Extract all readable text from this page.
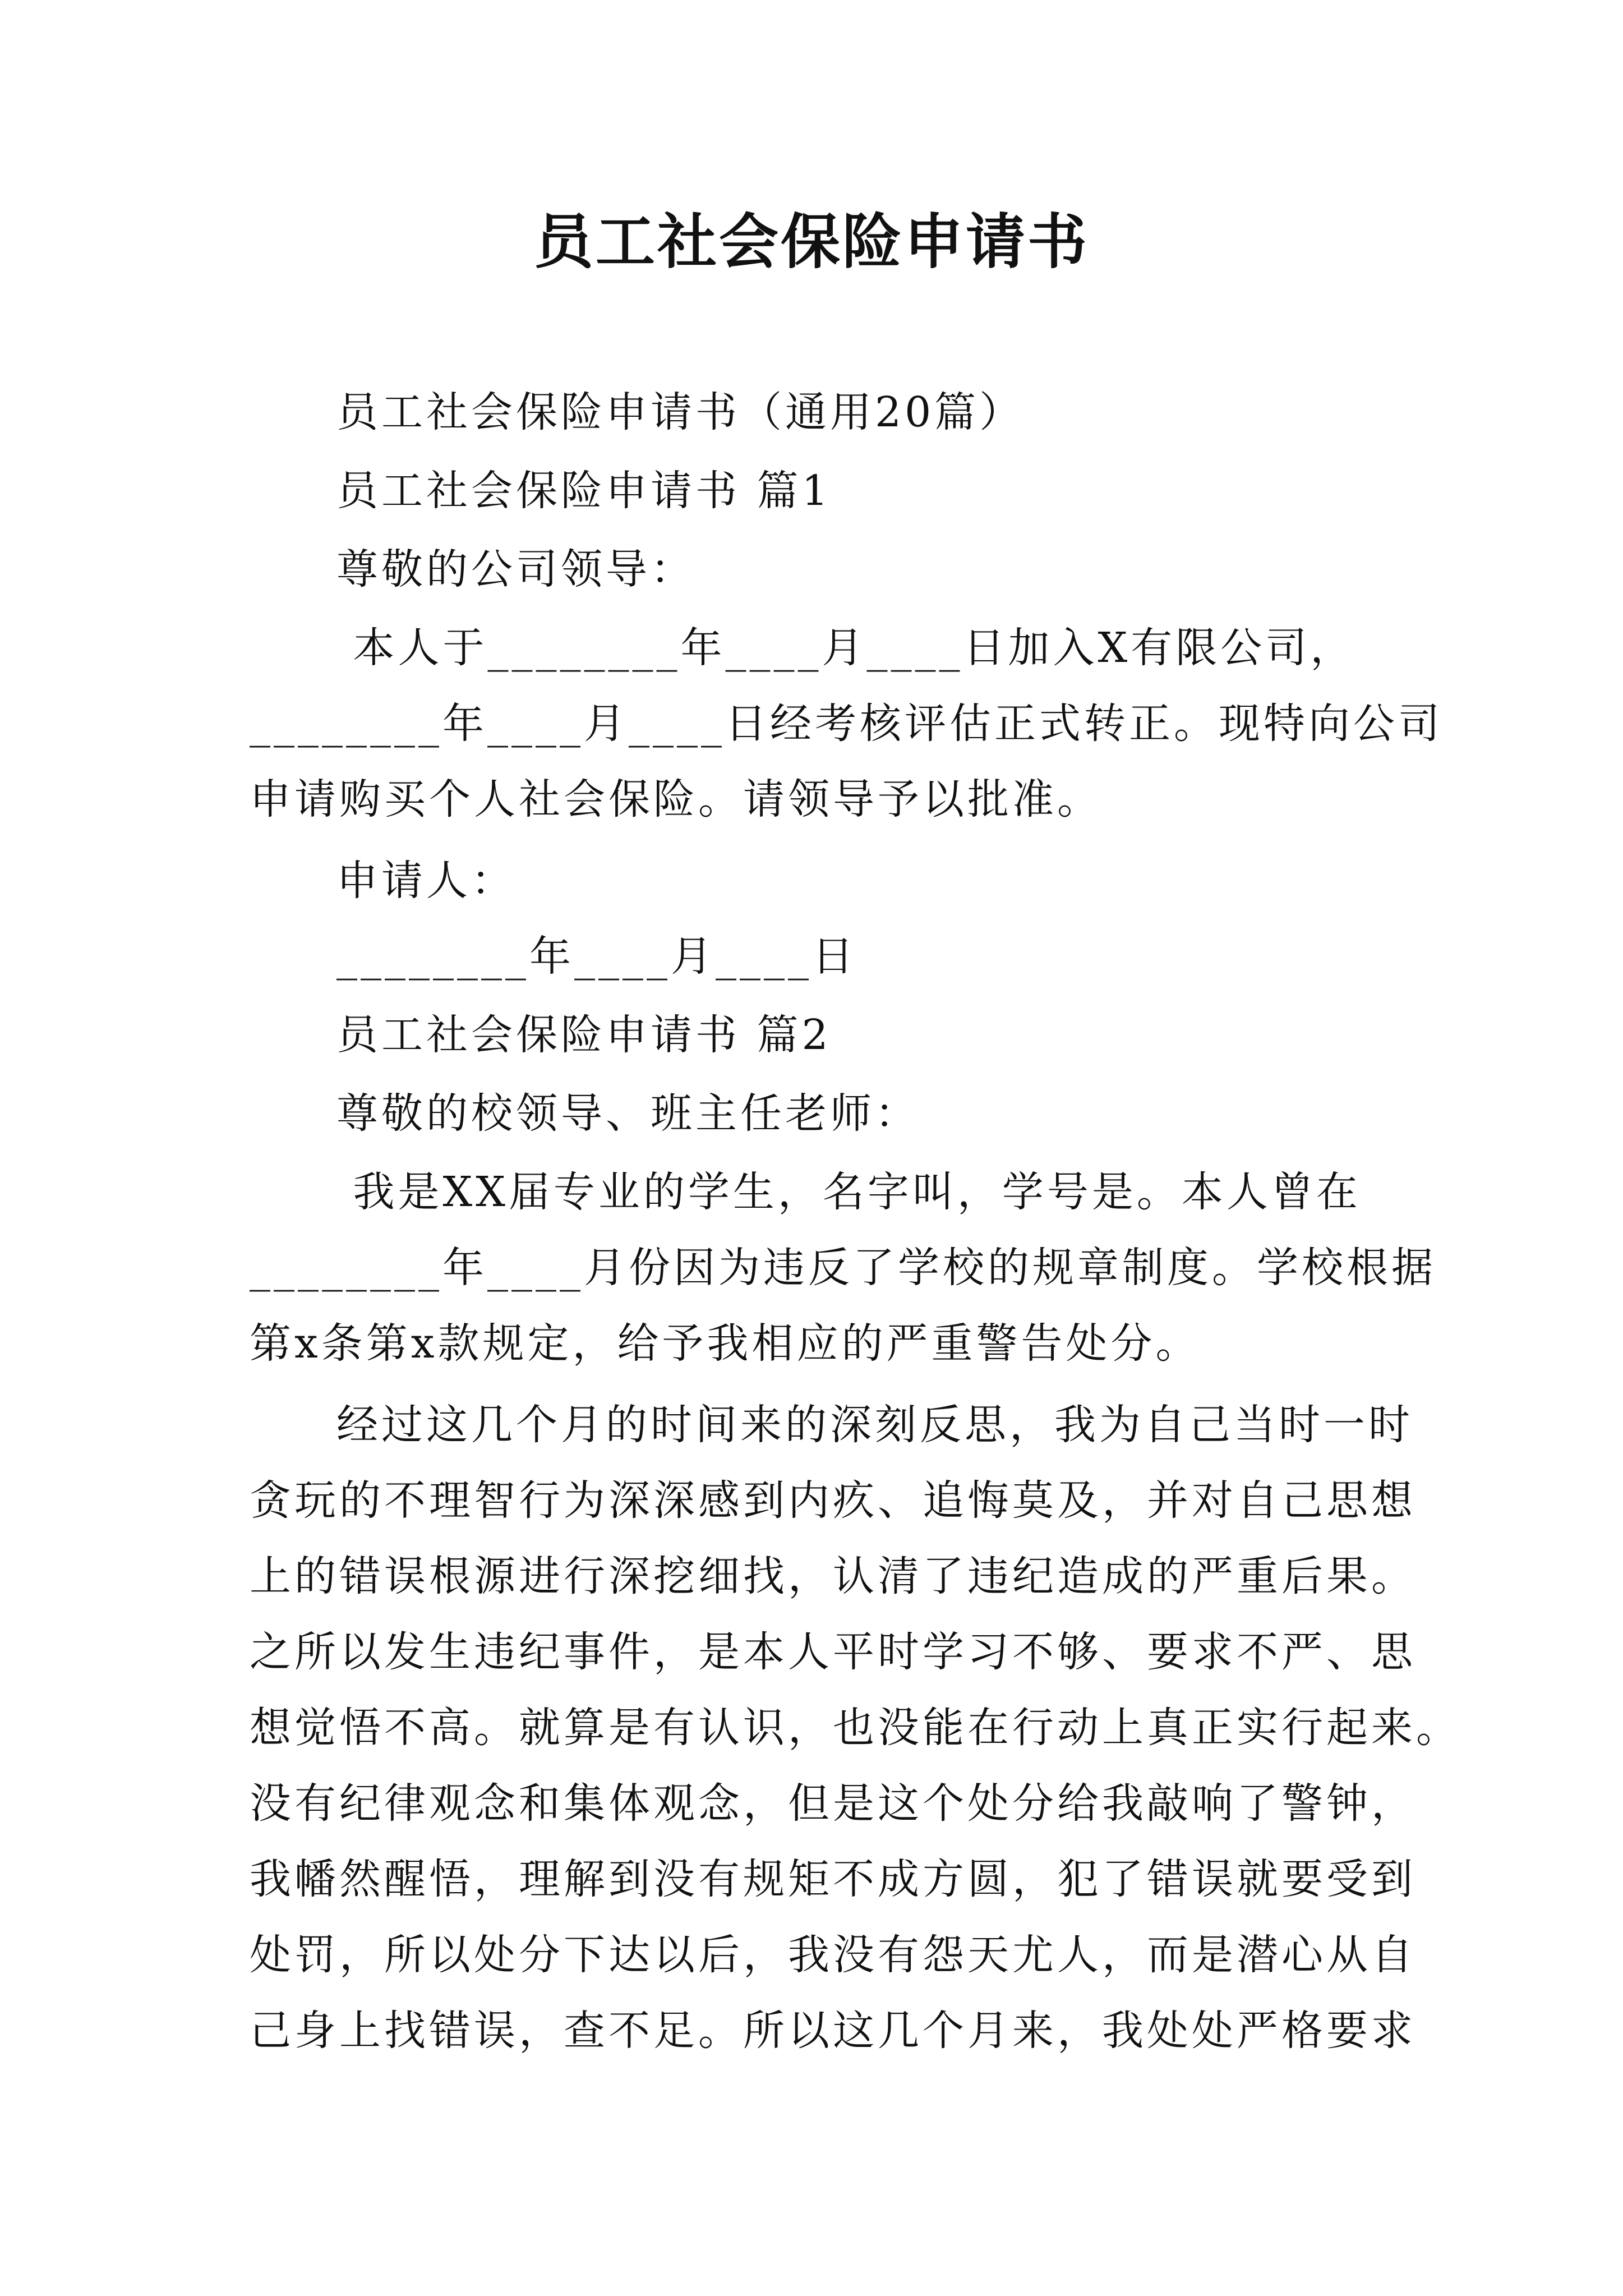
员工社会保险申请书
员工社会保险申请书（通用20篇）
员工社会保险申请书 篇1
尊敬的公司领导：
本人于________年____月____日加入X有限公司，
________年____月____日经考核评估正式转正。现特向公司
申请购买个人社会保险。请领导予以批准。
申请人：
________年____月____日
员工社会保险申请书 篇2
尊敬的校领导、班主任老师：
我是XX届专业的学生，名字叫，学号是。本人曾在
________年____月份因为违反了学校的规章制度。学校根据
第x条第x款规定，给予我相应的严重警告处分。
经过这几个月的时间来的深刻反思，我为自己当时一时
贪玩的不理智行为深深感到内疚、追悔莫及，并对自己思想
上的错误根源进行深挖细找，认清了违纪造成的严重后果。
之所以发生违纪事件，是本人平时学习不够、要求不严、思
想觉悟不高。就算是有认识，也没能在行动上真正实行起来。
没有纪律观念和集体观念，但是这个处分给我敲响了警钟，
我幡然醒悟，理解到没有规矩不成方圆，犯了错误就要受到
处罚，所以处分下达以后，我没有怨天尤人，而是潜心从自
己身上找错误，查不足。所以这几个月来，我处处严格要求
